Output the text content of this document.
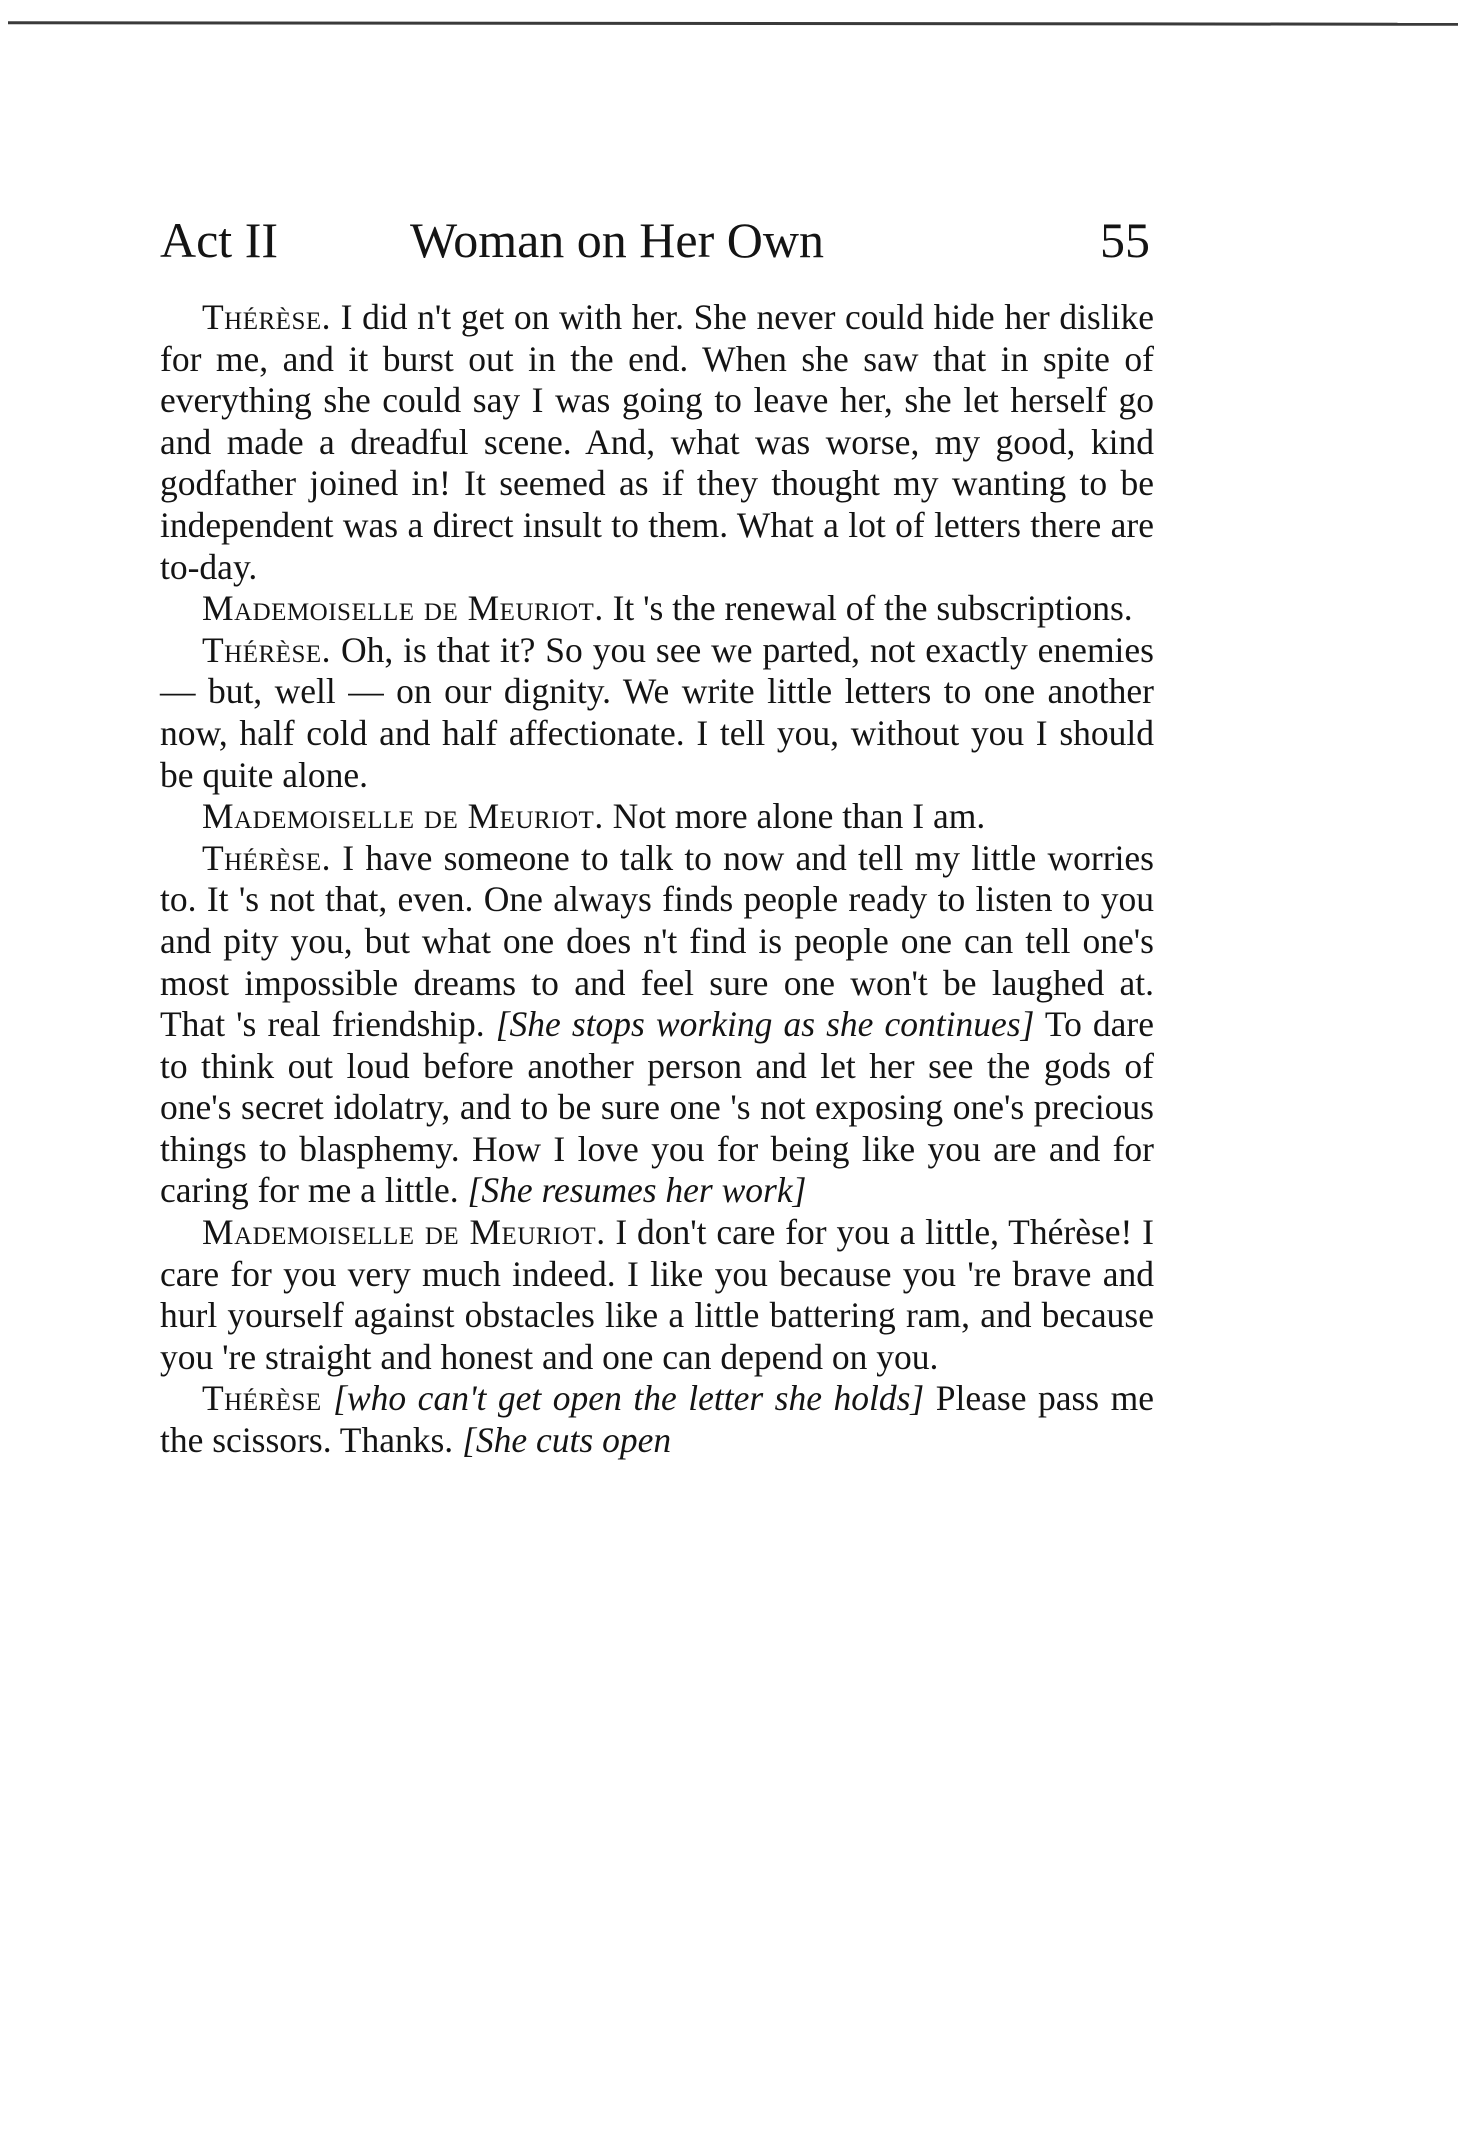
Act II	Woman on Her Own	55

Thérèse. I did n't get on with her. She never could hide her dislike for me, and it burst out in the end. When she saw that in spite of everything she could say I was going to leave her, she let herself go and made a dreadful scene. And, what was worse, my good, kind godfather joined in! It seemed as if they thought my wanting to be independent was a direct insult to them. What a lot of letters there are to-day.

Mademoiselle de Meuriot. It 's the renewal of the subscriptions.

Thérèse. Oh, is that it? So you see we parted, not exactly enemies — but, well — on our dignity. We write little letters to one another now, half cold and half affectionate. I tell you, without you I should be quite alone.

Mademoiselle de Meuriot. Not more alone than I am.

Thérèse. I have someone to talk to now and tell my little worries to. It 's not that, even. One always finds people ready to listen to you and pity you, but what one does n't find is people one can tell one's most impossible dreams to and feel sure one won't be laughed at. That 's real friendship. [She stops working as she continues] To dare to think out loud before another person and let her see the gods of one's secret idolatry, and to be sure one 's not exposing one's precious things to blasphemy. How I love you for being like you are and for caring for me a little. [She resumes her work]

Mademoiselle de Meuriot. I don't care for you a little, Thérèse! I care for you very much indeed. I like you because you 're brave and hurl yourself against obstacles like a little battering ram, and because you 're straight and honest and one can depend on you.

Thérèse [who can't get open the letter she holds] Please pass me the scissors. Thanks. [She cuts open
